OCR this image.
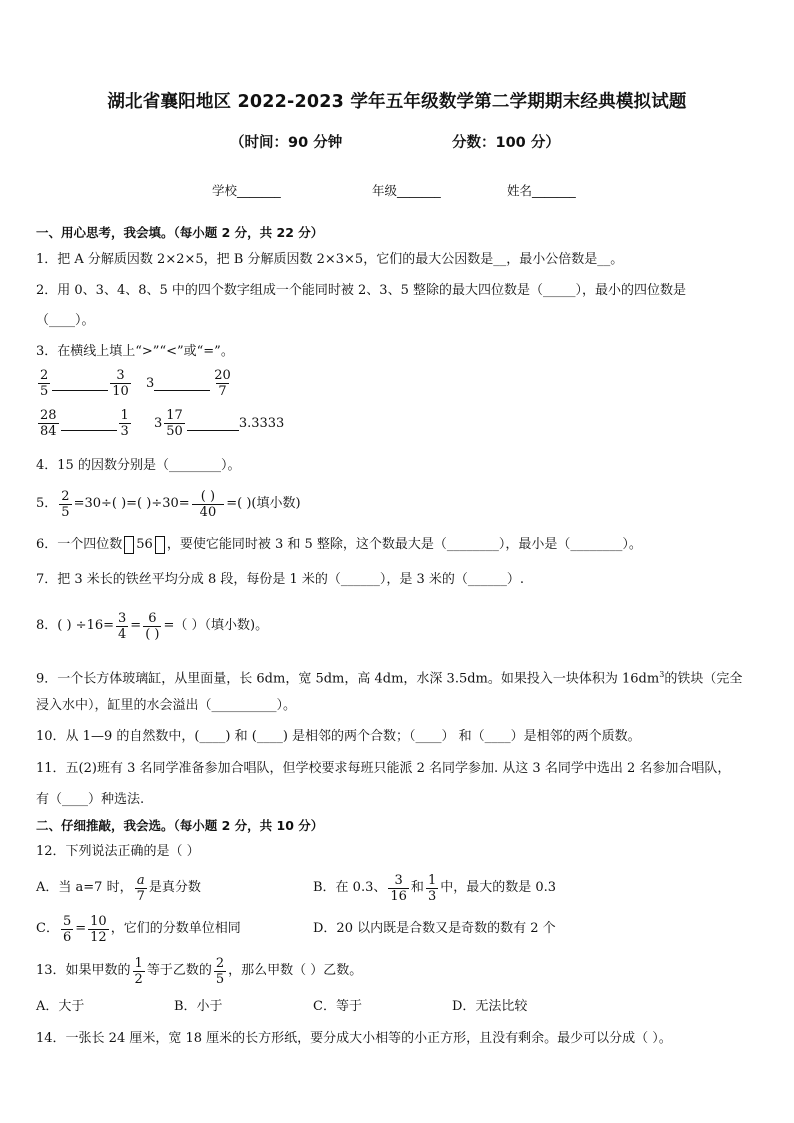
湖北省襄阳地区 2022-2023 学年五年级数学第二学期期末经典模拟试题
（时间：90 分钟	分数：100 分）
学校_______	年级_______	姓名_______
一、用心思考，我会填。（每小题 2 分，共 22 分）
1．把 A 分解质因数 2×2×5，把 B 分解质因数 2×3×5，它们的最大公因数是__，最小公倍数是__。
2．用 0、3、4、8、5 中的四个数字组成一个能同时被 2、3、5 整除的最大四位数是（_____），最小的四位数是
（____）。
3．在横线上填上“>”“<”或“=”。
$\frac{2}{5}$	$\frac{3}{10} 3$	$\frac{20}{7}$
$\frac{28}{84}$	$\frac{1}{3} 3 \frac{17}{50}$	3.3333
4．15 的因数分别是（________）。
5． $\frac{2}{5} =30\div$( )=( )$\div 30= \frac{( )}{40}$ =( )(填小数)
6．一个四位数 56 ，要使它能同时被 3 和 5 整除，这个数最大是（________），最小是（________）。
7．把 3 米长的铁丝平均分成 8 段，每份是 1 米的（______），是 3 米的（______）.
8．( ) $\div 16= \frac{3}{4} = \frac{6}{( )}$ =（ ）（填小数)。
9．一个长方体玻璃缸，从里面量，长 6dm，宽 5dm，高 4dm，水深 3.5dm。如果投入一块体积为 $16dm^3$的铁块（完全
浸入水中），缸里的水会溢出（__________）。
10．从 1—9 的自然数中，(____) 和 (____) 是相邻的两个合数；（____） 和（____）是相邻的两个质数。
11．五(2)班有 3 名同学准备参加合唱队，但学校要求每班只能派 2 名同学参加. 从这 3 名同学中选出 2 名参加合唱队，
有（____）种选法.
二、仔细推敲，我会选。（每小题 2 分，共 10 分）
12．下列说法正确的是（ ）
A．当 a=7 时， $\frac{a}{7}$ 是真分数	B．在 0.3、 $\frac{3}{16}$ 和 $\frac{1}{3}$ 中，最大的数是 0.3
C． $\frac{5}{6} = \frac{10}{12}$ ，它们的分数单位相同	D．20 以内既是合数又是奇数的数有 2 个
13．如果甲数的 $\frac{1}{2}$ 等于乙数的 $\frac{2}{5}$ ，那么甲数（ ）乙数。
A．大于	B．小于	C．等于	D．无法比较
14．一张长 24 厘米，宽 18 厘米的长方形纸，要分成大小相等的小正方形，且没有剩余。最少可以分成（ ）。
